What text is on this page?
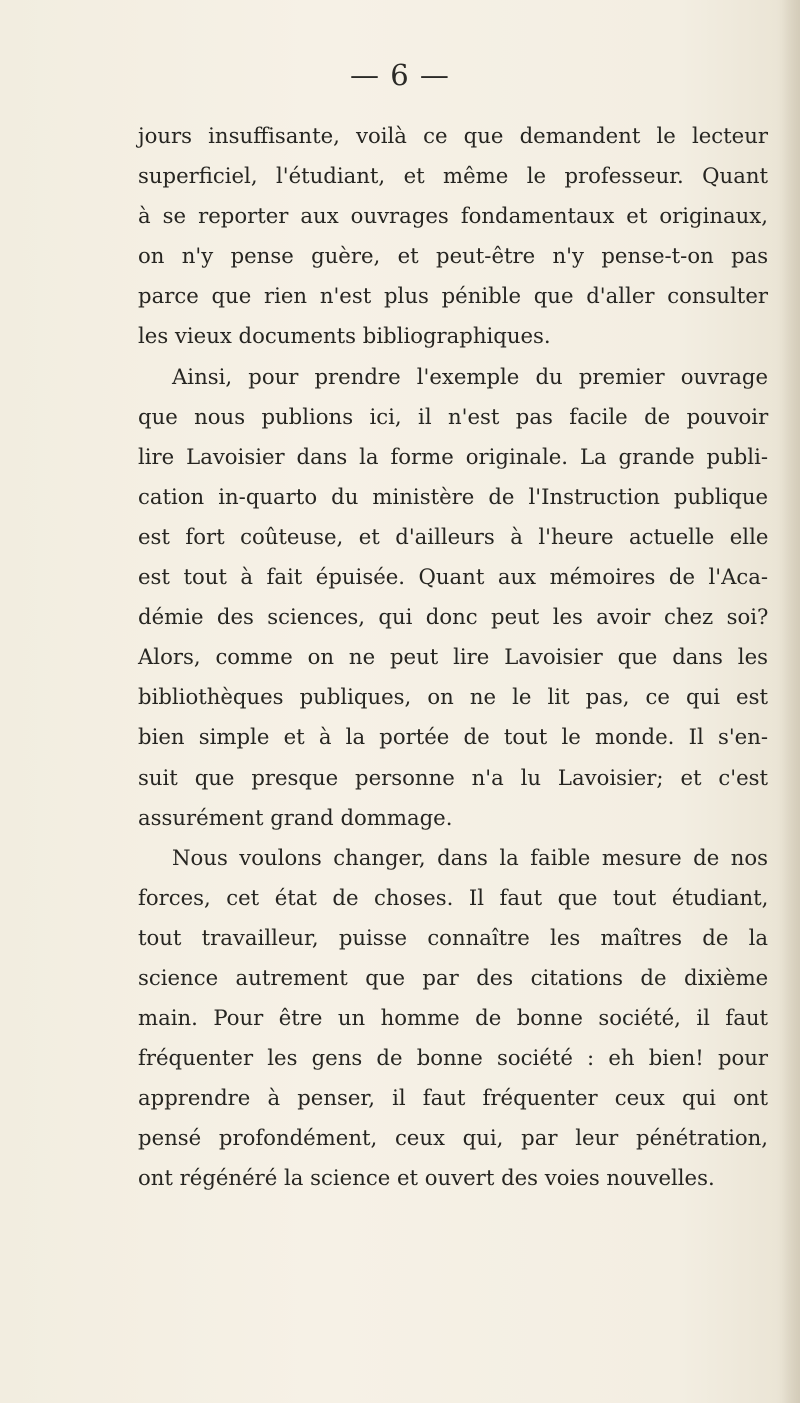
— 6 —
jours insuffisante, voilà ce que demandent le lecteur
superficiel, l'étudiant, et même le professeur. Quant
à se reporter aux ouvrages fondamentaux et originaux,
on n'y pense guère, et peut-être n'y pense-t-on pas
parce que rien n'est plus pénible que d'aller consulter
les vieux documents bibliographiques.
Ainsi, pour prendre l'exemple du premier ouvrage
que nous publions ici, il n'est pas facile de pouvoir
lire Lavoisier dans la forme originale. La grande publi-
cation in-quarto du ministère de l'Instruction publique
est fort coûteuse, et d'ailleurs à l'heure actuelle elle
est tout à fait épuisée. Quant aux mémoires de l'Aca-
démie des sciences, qui donc peut les avoir chez soi?
Alors, comme on ne peut lire Lavoisier que dans les
bibliothèques publiques, on ne le lit pas, ce qui est
bien simple et à la portée de tout le monde. Il s'en-
suit que presque personne n'a lu Lavoisier; et c'est
assurément grand dommage.
Nous voulons changer, dans la faible mesure de nos
forces, cet état de choses. Il faut que tout étudiant,
tout travailleur, puisse connaître les maîtres de la
science autrement que par des citations de dixième
main. Pour être un homme de bonne société, il faut
fréquenter les gens de bonne société : eh bien! pour
apprendre à penser, il faut fréquenter ceux qui ont
pensé profondément, ceux qui, par leur pénétration,
ont régénéré la science et ouvert des voies nouvelles.
